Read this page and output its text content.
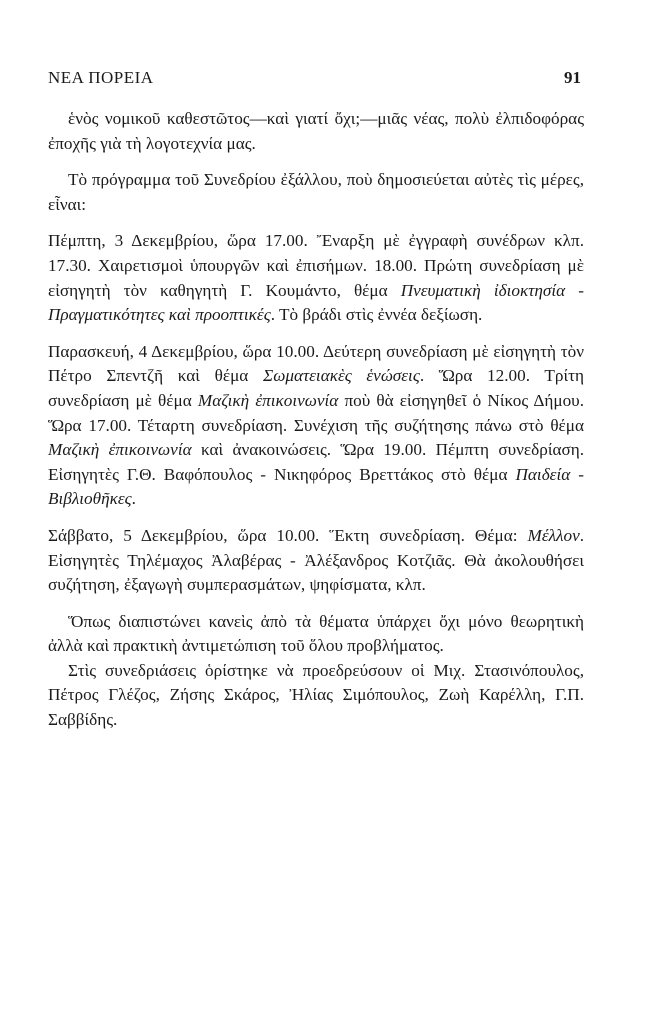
ΝΕΑ ΠΟΡΕΙΑ	91

ἑνὸς νομικοῦ καθεστῶτος—καὶ γιατί ὄχι;—μιᾶς νέας, πολὺ ἐλπιδοφόρας ἐποχῆς γιὰ τὴ λογοτεχνία μας.

Τὸ πρόγραμμα τοῦ Συνεδρίου ἐξάλλου, ποὺ δημοσιεύεται αὐτὲς τὶς μέρες, εἶναι:

Πέμπτη, 3 Δεκεμβρίου, ὥρα 17.00. Ἔναρξη μὲ ἐγγραφὴ συνέδρων κλπ. 17.30. Χαιρετισμοὶ ὑπουργῶν καὶ ἐπισήμων. 18.00. Πρώτη συνεδρίαση μὲ εἰσηγητὴ τὸν καθηγητὴ Γ. Κουμάντο, θέμα Πνευματικὴ ἰδιοκτησία - Πραγματικότητες καὶ προοπτικές. Τὸ βράδι στὶς ἐννέα δεξίωση.

Παρασκευή, 4 Δεκεμβρίου, ὥρα 10.00. Δεύτερη συνεδρίαση μὲ εἰσηγητὴ τὸν Πέτρο Σπεντζῆ καὶ θέμα Σωματειακὲς ἑνώσεις. Ὥρα 12.00. Τρίτη συνεδρίαση μὲ θέμα Μαζικὴ ἐπικοινωνία ποὺ θὰ εἰσηγηθεῖ ὁ Νίκος Δήμου. Ὥρα 17.00. Τέταρτη συνεδρίαση. Συνέχιση τῆς συζήτησης πάνω στὸ θέμα Μαζικὴ ἐπικοινωνία καὶ ἀνακοινώσεις. Ὥρα 19.00. Πέμπτη συνεδρίαση. Εἰσηγητὲς Γ.Θ. Βαφόπουλος - Νικηφόρος Βρεττάκος στὸ θέμα Παιδεία - Βιβλιοθῆκες.

Σάββατο, 5 Δεκεμβρίου, ὥρα 10.00. Ἕκτη συνεδρίαση. Θέμα: Μέλλον. Εἰσηγητὲς Τηλέμαχος Ἀλαβέρας - Ἀλέξανδρος Κοτζιᾶς. Θὰ ἀκολουθήσει συζήτηση, ἐξαγωγὴ συμπερασμάτων, ψηφίσματα, κλπ.

Ὅπως διαπιστώνει κανεὶς ἀπὸ τὰ θέματα ὑπάρχει ὄχι μόνο θεωρητικὴ ἀλλὰ καὶ πρακτικὴ ἀντιμετώπιση τοῦ ὅλου προβλήματος.

Στὶς συνεδριάσεις ὁρίστηκε νὰ προεδρεύσουν οἱ Μιχ. Στασινόπουλος, Πέτρος Γλέζος, Ζήσης Σκάρος, Ἠλίας Σιμόπουλος, Ζωὴ Καρέλλη, Γ.Π. Σαββίδης.
